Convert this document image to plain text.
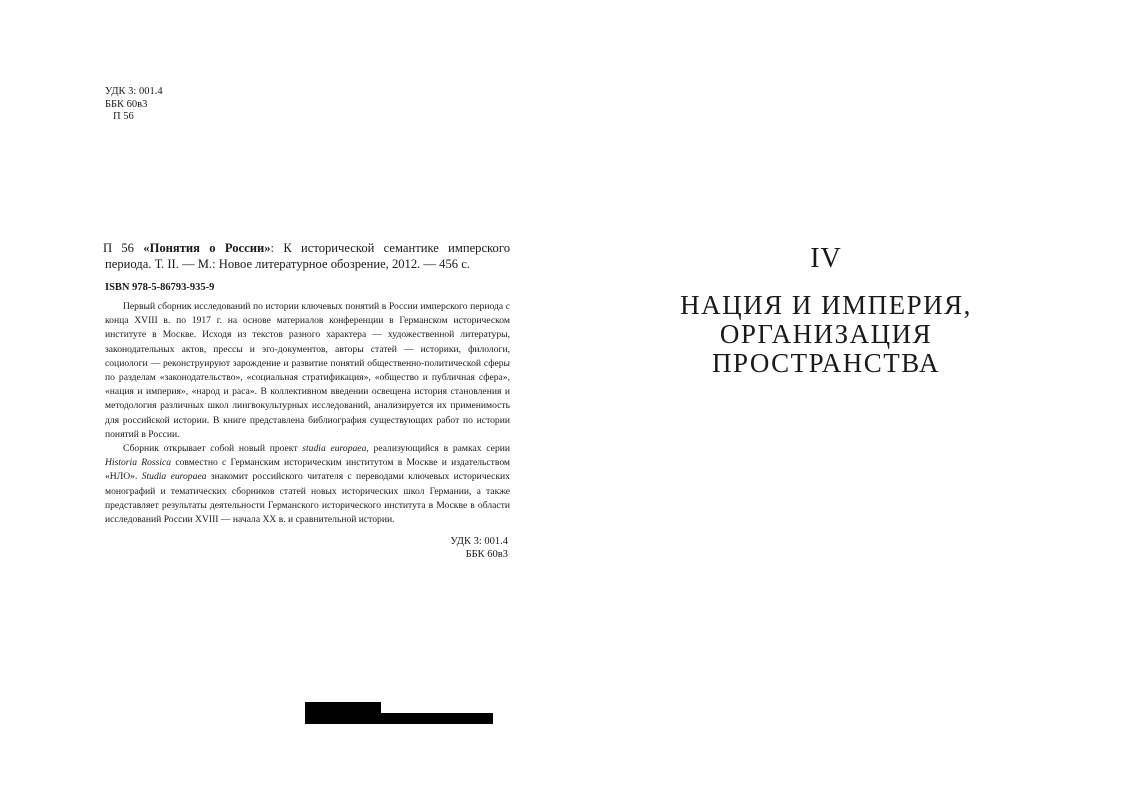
УДК 3: 001.4
ББК 60в3
П 56
П 56 «Понятия о России»: К исторической семантике имперского периода. Т. II. — М.: Новое литературное обозрение, 2012. — 456 с.
ISBN 978-5-86793-935-9

Первый сборник исследований по истории ключевых понятий в России имперского периода с конца XVIII в. по 1917 г. на основе материалов конференции в Германском историческом институте в Москве. Исходя из текстов разного характера — художественной литературы, законодательных актов, прессы и эго-документов, авторы статей — историки, филологи, социологи — реконструируют зарождение и развитие понятий общественно-политической сферы по разделам «законодательство», «социальная стратификация», «общество и публичная сфера», «нация и империя», «народ и раса». В коллективном введении освещена история становления и методология различных школ лингвокультурных исследований, анализируется их применимость для российской истории. В книге представлена библиография существующих работ по истории понятий в России.

Сборник открывает собой новый проект studia europaea, реализующийся в рамках серии Historia Rossica совместно с Германским историческим институтом в Москве и издательством «НЛО». Studia europaea знакомит российского читателя с переводами ключевых исторических монографий и тематических сборников статей новых исторических школ Германии, а также представляет результаты деятельности Германского исторического института в Москве в области исследований России XVIII — начала XX в. и сравнительной истории.

УДК 3: 001.4
ББК 60в3
IV
НАЦИЯ И ИМПЕРИЯ,
ОРГАНИЗАЦИЯ
ПРОСТРАНСТВА
